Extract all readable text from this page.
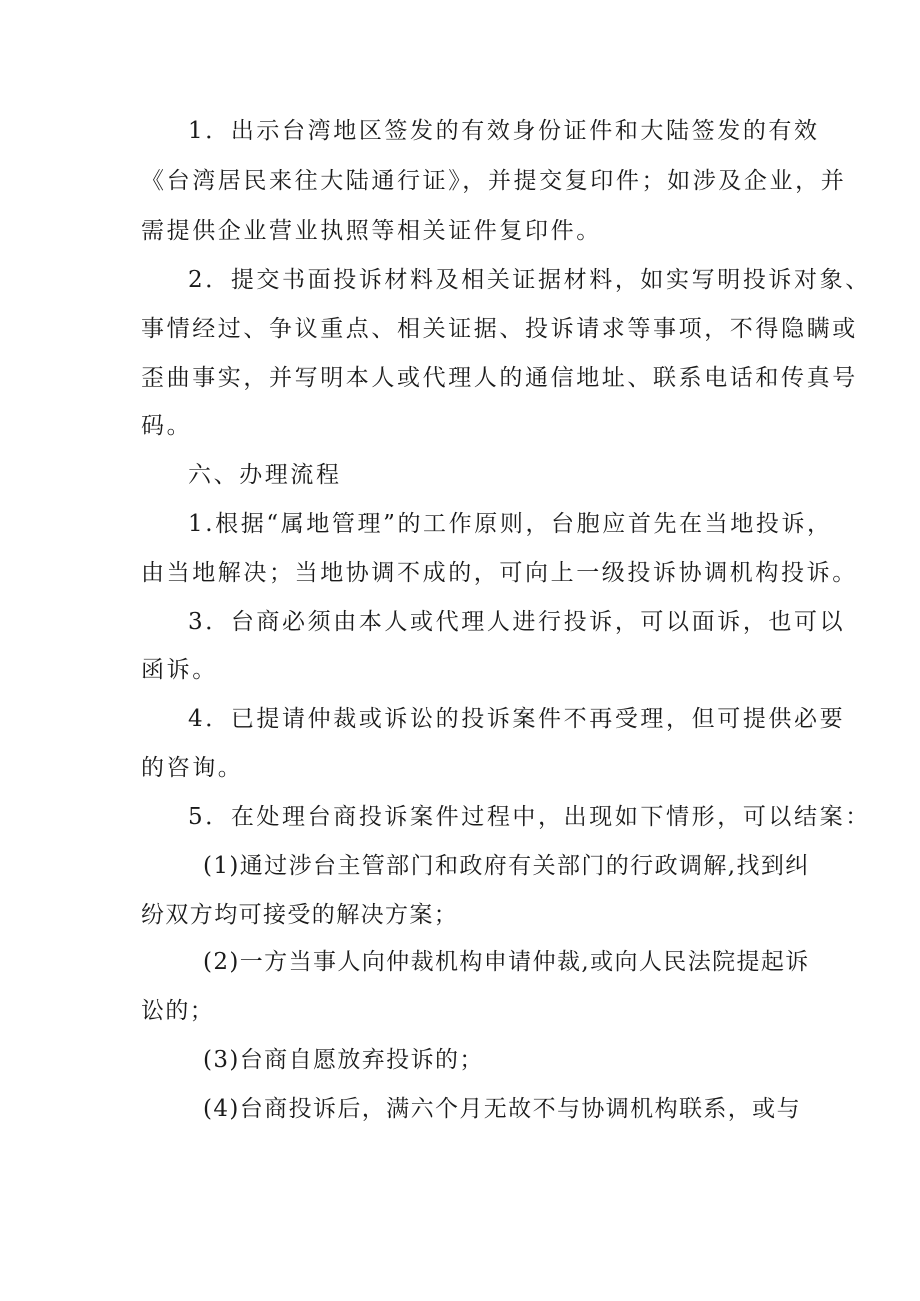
1．出示台湾地区签发的有效身份证件和大陆签发的有效
《台湾居民来往大陆通行证》，并提交复印件；如涉及企业，并
需提供企业营业执照等相关证件复印件。
2．提交书面投诉材料及相关证据材料，如实写明投诉对象、
事情经过、争议重点、相关证据、投诉请求等事项，不得隐瞒或
歪曲事实，并写明本人或代理人的通信地址、联系电话和传真号
码。
六、办理流程
1.根据“属地管理”的工作原则，台胞应首先在当地投诉，
由当地解决；当地协调不成的，可向上一级投诉协调机构投诉。
3．台商必须由本人或代理人进行投诉，可以面诉，也可以
函诉。
4．已提请仲裁或诉讼的投诉案件不再受理，但可提供必要
的咨询。
5．在处理台商投诉案件过程中，出现如下情形，可以结案：
(1)通过涉台主管部门和政府有关部门的行政调解,找到纠
纷双方均可接受的解决方案；
(2)一方当事人向仲裁机构申请仲裁,或向人民法院提起诉
讼的；
(3)台商自愿放弃投诉的；
(4)台商投诉后，满六个月无故不与协调机构联系，或与
